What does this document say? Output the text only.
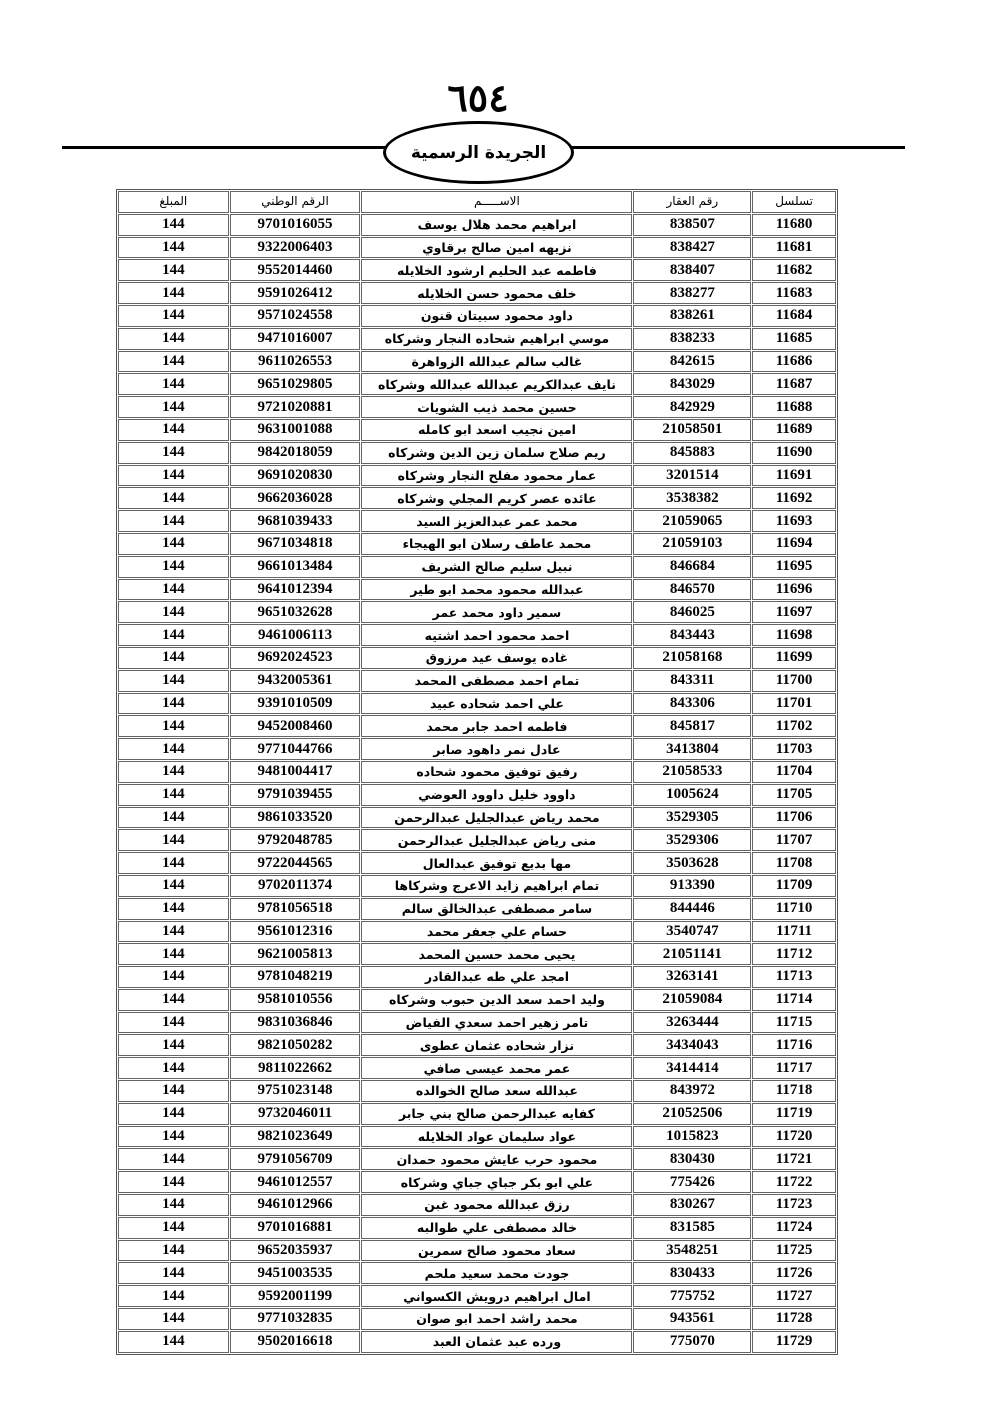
٦٥٤
الجريدة الرسمية
تسلسل	رقم العقار	الاســـــم	الرقم الوطني	المبلغ
11680	838507	ابراهيم محمد هلال يوسف	9701016055	144
11681	838427	نزيهه امين صالح برقاوي	9322006403	144
11682	838407	فاطمه عبد الحليم ارشود الخلايله	9552014460	144
11683	838277	خلف محمود حسن الخلايله	9591026412	144
11684	838261	داود محمود سبيتان قنون	9571024558	144
11685	838233	موسي ابراهيم شحاده النجار وشركاه	9471016007	144
11686	842615	غالب سالم عبدالله الزواهرة	9611026553	144
11687	843029	نايف عبدالكريم عبدالله عبدالله وشركاه	9651029805	144
11688	842929	حسين محمد ذيب الشويات	9721020881	144
11689	21058501	امين نجيب اسعد ابو كامله	9631001088	144
11690	845883	ريم صلاح سلمان زين الدين وشركاه	9842018059	144
11691	3201514	عمار محمود مفلح النجار وشركاه	9691020830	144
11692	3538382	عائده عصر كريم المجلي وشركاه	9662036028	144
11693	21059065	محمد عمر عبدالعزيز السيد	9681039433	144
11694	21059103	محمد عاطف رسلان ابو الهيجاء	9671034818	144
11695	846684	نبيل سليم صالح الشريف	9661013484	144
11696	846570	عبدالله محمود محمد ابو طير	9641012394	144
11697	846025	سمير داود محمد عمر	9651032628	144
11698	843443	احمد محمود احمد اشتيه	9461006113	144
11699	21058168	غاده يوسف عيد مرزوق	9692024523	144
11700	843311	تمام احمد مصطفى المحمد	9432005361	144
11701	843306	علي احمد شحاده عبيد	9391010509	144
11702	845817	فاطمه احمد جابر محمد	9452008460	144
11703	3413804	عادل نمر داهود صابر	9771044766	144
11704	21058533	رفيق توفيق محمود شحاده	9481004417	144
11705	1005624	داوود خليل داوود العوضي	9791039455	144
11706	3529305	محمد رياض عبدالجليل عبدالرحمن	9861033520	144
11707	3529306	منى رياض عبدالجليل عبدالرحمن	9792048785	144
11708	3503628	مها بديع توفيق عبدالعال	9722044565	144
11709	913390	تمام ابراهيم زايد الاعرج وشركاها	9702011374	144
11710	844446	سامر مصطفى عبدالخالق سالم	9781056518	144
11711	3540747	حسام علي جعفر محمد	9561012316	144
11712	21051141	يحيى محمد حسين المحمد	9621005813	144
11713	3263141	امجد علي طه عبدالقادر	9781048219	144
11714	21059084	وليد احمد سعد الدين حبوب وشركاه	9581010556	144
11715	3263444	تامر زهير احمد سعدي الفياض	9831036846	144
11716	3434043	نزار شحاده عثمان عطوى	9821050282	144
11717	3414414	عمر محمد عيسى صافي	9811022662	144
11718	843972	عبدالله سعد صالح الخوالده	9751023148	144
11719	21052506	كفايه عبدالرحمن صالح بني جابر	9732046011	144
11720	1015823	عواد سليمان عواد الخلايله	9821023649	144
11721	830430	محمود حرب عايش محمود حمدان	9791056709	144
11722	775426	علي ابو بكر جباي جباي وشركاه	9461012557	144
11723	830267	رزق عبدالله محمود غبن	9461012966	144
11724	831585	خالد مصطفى علي طوالبه	9701016881	144
11725	3548251	سعاد محمود صالح سمرين	9652035937	144
11726	830433	جودت محمد سعيد ملحم	9451003535	144
11727	775752	امال ابراهيم درويش الكسواني	9592001199	144
11728	943561	محمد راشد احمد ابو صوان	9771032835	144
11729	775070	ورده عبد عثمان العبد	9502016618	144
